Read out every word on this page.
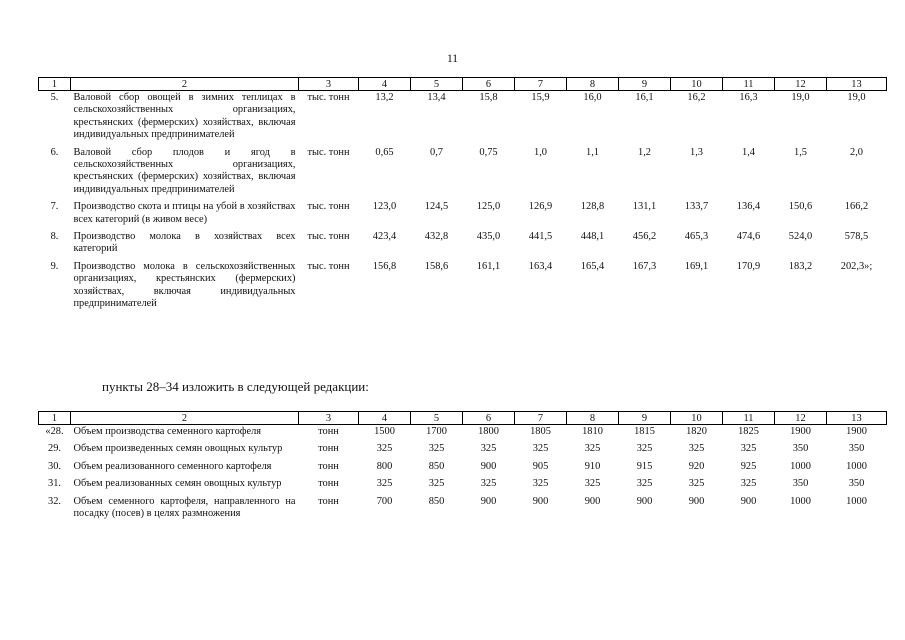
11
1	2	3	4	5	6	7	8	9	10	11	12	13
5.	Валовой сбор овощей в зимних теплицах в сельскохозяйственных организациях, крестьянских (фермерских) хозяйствах, включая индивидуальных предпринимателей	тыс. тонн	13,2	13,4	15,8	15,9	16,0	16,1	16,2	16,3	19,0	19,0
6.	Валовой сбор плодов и ягод в сельскохозяйственных организациях, крестьянских (фермерских) хозяйствах, включая индивидуальных предпринимателей	тыс. тонн	0,65	0,7	0,75	1,0	1,1	1,2	1,3	1,4	1,5	2,0
7.	Производство скота и птицы на убой в хозяйствах всех категорий (в живом весе)	тыс. тонн	123,0	124,5	125,0	126,9	128,8	131,1	133,7	136,4	150,6	166,2
8.	Производство молока в хозяйствах всех категорий	тыс. тонн	423,4	432,8	435,0	441,5	448,1	456,2	465,3	474,6	524,0	578,5
9.	Производство молока в сельскохозяйственных организациях, крестьянских (фермерских) хозяйствах, включая индивидуальных предпринимателей	тыс. тонн	156,8	158,6	161,1	163,4	165,4	167,3	169,1	170,9	183,2	202,3»;
пункты 28–34 изложить в следующей редакции:
1	2	3	4	5	6	7	8	9	10	11	12	13
«28.	Объем производства семенного картофеля	тонн	1500	1700	1800	1805	1810	1815	1820	1825	1900	1900
29.	Объем произведенных семян овощных культур	тонн	325	325	325	325	325	325	325	325	350	350
30.	Объем реализованного семенного картофеля	тонн	800	850	900	905	910	915	920	925	1000	1000
31.	Объем реализованных семян овощных культур	тонн	325	325	325	325	325	325	325	325	350	350
32.	Объем семенного картофеля, направленного на посадку (посев) в целях размножения	тонн	700	850	900	900	900	900	900	900	1000	1000
